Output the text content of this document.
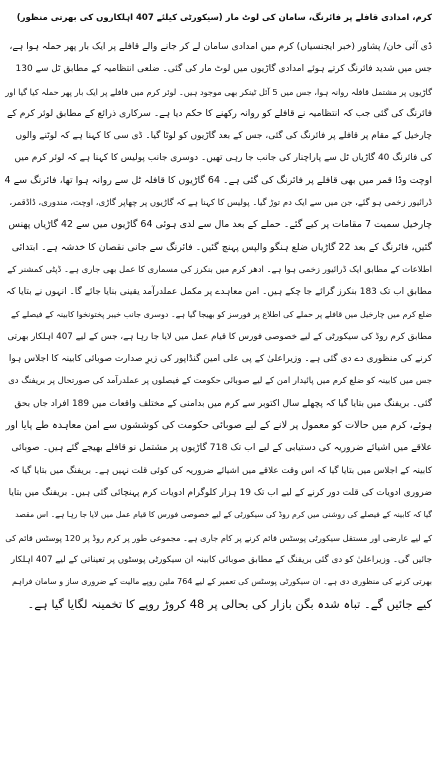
کرم، امدادی قافلے پر فائرنگ، سامان کی لوٹ مار (سیکورٹی کیلئے 407 اہلکاروں کی بھرتی منظور)
ڈی آئی خان/ پشاور (خبر ایجنسیاں) کرم میں امدادی سامان لے کر جانے والے قافلے پر ایک بار پھر حملہ ہوا ہے،
جس میں شدید فائرنگ کرتے ہوئے امدادی گاڑیوں میں لوٹ مار کی گئی۔ ضلعی انتظامیہ کے مطابق ٹل سے 130
گاڑیوں پر مشتمل قافلہ روانہ ہوا، جس میں 5 آئل ٹینکر بھی موجود ہیں۔ لوئر کرم میں قافلے پر ایک بار پھر حملہ کیا گیا اور
فائرنگ کی گئی جب کہ انتظامیہ نے قافلے کو روانہ رکھنے کا حکم دیا ہے۔ سرکاری ذرائع کے مطابق لوئر کرم کے
چارخیل کے مقام پر قافلے پر فائرنگ کی گئی، جس کے بعد گاڑیوں کو لوٹا گیا۔ ڈی سی کا کہنا ہے کہ لوٹنے والوں
کی فائرنگ 40 گاڑیاں ٹل سے پاراچنار کی جانب جا رہی تھیں۔ دوسری جانب پولیس کا کہنا ہے کہ لوئر کرم میں
اوچت وڈا قمر میں بھی قافلے پر فائرنگ کی گئی ہے۔ 64 گاڑیوں کا قافلہ ٹل سے روانہ ہوا تھا، فائرنگ سے 4
ڈرائیور زخمی ہو گئے، جن میں سے ایک دم توڑ گیا۔ پولیس کا کہنا ہے کہ گاڑیوں پر چھاپر گاڑی، اوچت، مندوری، ڈاڈقمر،
چارخیل سمیت 7 مقامات پر کیے گئے۔ حملے کے بعد مال سے لدی ہوئی 64 گاڑیوں میں سے 42 گاڑیاں پھنس
گئیں، فائرنگ کے بعد 22 گاڑیاں ضلع ہنگو والپس پہنچ گئیں۔ فائرنگ سے جانی نقصان کا خدشہ ہے۔ ابتدائی
اطلاعات کے مطابق ایک ڈرائیور زخمی ہوا ہے۔ ادھر کرم میں بنکرز کی مسماری کا عمل بھی جاری ہے۔ ڈپٹی کمشنر کے
مطابق اب تک 183 بنکرز گرائے جا چکے ہیں۔ امن معاہدے پر مکمل عملدرآمد یقینی بنایا جائے گا۔ انہوں نے بتایا کہ
ضلع کرم میں چارخیل میں قافلے پر حملے کی اطلاع پر فورسز کو بھیجا گیا ہے۔ دوسری جانب خیبر پختونخوا کابینہ کے فیصلے کے
مطابق کرم روڈ کی سیکورٹی کے لیے خصوصی فورس کا قیام عمل میں لایا جا رہا ہے، جس کے لیے 407 اہلکار بھرتی
کرنے کی منظوری دے دی گئی ہے۔ وزیراعلیٰ کے پی علی امین گنڈاپور کی زیرِ صدارت صوبائی کابینہ کا اجلاس ہوا
جس میں کابینہ کو ضلع کرم میں پائیدار امن کے لیے صوبائی حکومت کے فیصلوں پر عملدرآمد کی صورتحال پر بریفنگ دی
گئی۔ بریفنگ میں بتایا گیا کہ پچھلے سال اکتوبر سے کرم میں بدامنی کے مختلف واقعات میں 189 افراد جاں بحق
ہوئے، کرم میں حالات کو معمول پر لانے کے لیے صوبائی حکومت کی کوششوں سے امن معاہدہ طے پایا اور
علاقے میں اشیائے ضروریہ کی دستیابی کے لیے اب تک 718 گاڑیوں پر مشتمل نو قافلے بھیجے گئے ہیں۔ صوبائی
کابینہ کے اجلاس میں بتایا گیا کہ اس وقت علاقے میں اشیائے ضروریہ کی کوئی قلت نہیں ہے۔ بریفنگ میں بتایا گیا کہ
ضروری ادویات کی قلت دور کرنے کے لیے اب تک 19 ہزار کلوگرام ادویات کرم پہنچائی گئی ہیں۔ بریفنگ میں بتایا
گیا کہ کابینہ کے فیصلے کی روشنی میں کرم روڈ کی سیکورٹی کے لیے خصوصی فورس کا قیام عمل میں لایا جا رہا ہے۔ اس مقصد
کے لیے عارضی اور مستقل سیکورٹی پوسٹس قائم کرنے پر کام جاری ہے۔ مجموعی طور پر کرم روڈ پر 120 پوسٹس قائم کی
جائیں گی۔ وزیراعلیٰ کو دی گئی بریفنگ کے مطابق صوبائی کابینہ ان سیکورٹی پوسٹوں پر تعیناتی کے لیے 407 اہلکار
بھرتی کرنے کی منظوری دی ہے۔ ان سیکورٹی پوسٹس کی تعمیر کے لیے 764 ملین روپے مالیت کے ضروری ساز و سامان فراہم
کیے جائیں گے۔ تباہ شدہ بگن بازار کی بحالی پر 48 کروڑ روپے کا تخمینہ لگایا گیا ہے۔
